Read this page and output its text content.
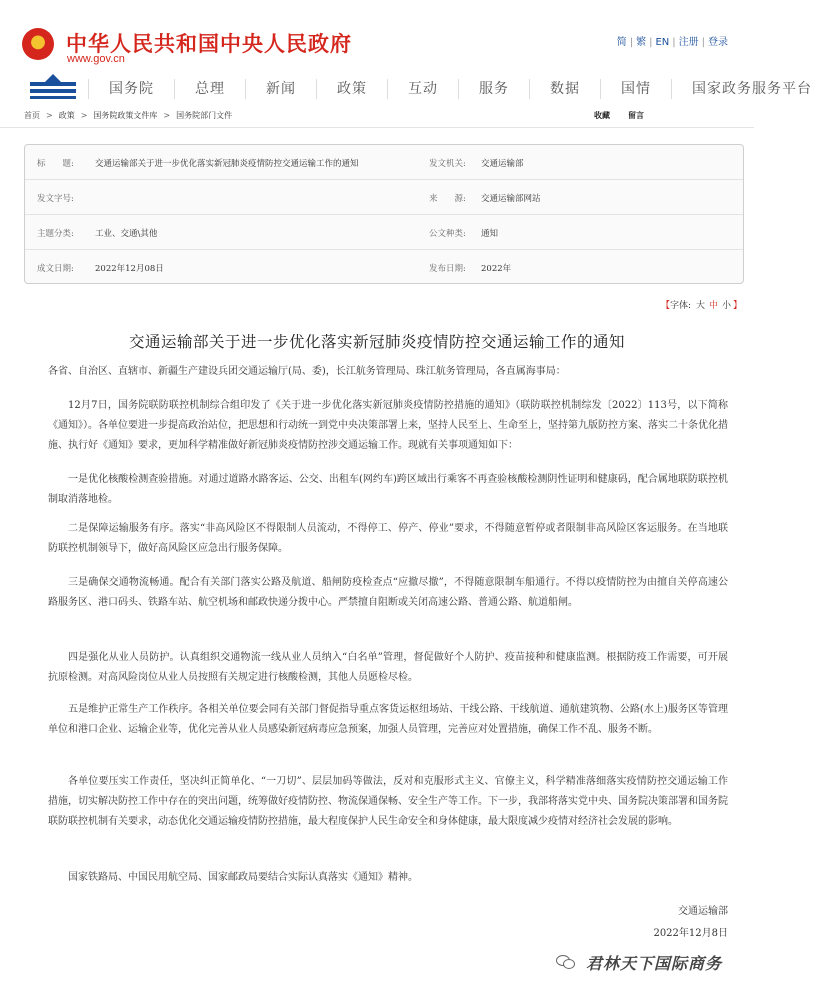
中华人民共和国中央人民政府
www.gov.cn
简 | 繁 | EN | 注册 | 登录
国务院	总理	新闻	政策	互动	服务	数据	国情	国家政务服务平台
首页 > 政策 > 国务院政策文件库 > 国务院部门文件	收藏 留言
标　　题: 交通运输部关于进一步优化落实新冠肺炎疫情防控交通运输工作的通知	发文机关: 交通运输部
发文字号:	来　　源: 交通运输部网站
主题分类: 工业、交通\其他	公文种类: 通知
成文日期: 2022年12月08日	发布日期: 2022年
【字体: 大 中 小 】
交通运输部关于进一步优化落实新冠肺炎疫情防控交通运输工作的通知
各省、自治区、直辖市、新疆生产建设兵团交通运输厅(局、委)，长江航务管理局、珠江航务管理局，各直属海事局：
12月7日，国务院联防联控机制综合组印发了《关于进一步优化落实新冠肺炎疫情防控措施的通知》（联防联控机制综发〔2022〕113号，以下简称《通知》）。各单位要进一步提高政治站位，把思想和行动统一到党中央决策部署上来，坚持人民至上、生命至上，坚持第九版防控方案、落实二十条优化措施、执行好《通知》要求，更加科学精准做好新冠肺炎疫情防控涉交通运输工作。现就有关事项通知如下：
一是优化核酸检测查验措施。对通过道路水路客运、公交、出租车(网约车)跨区域出行乘客不再查验核酸检测阴性证明和健康码，配合属地联防联控机制取消落地检。
二是保障运输服务有序。落实“非高风险区不得限制人员流动，不得停工、停产、停业”要求，不得随意暂停或者限制非高风险区客运服务。在当地联防联控机制领导下，做好高风险区应急出行服务保障。
三是确保交通物流畅通。配合有关部门落实公路及航道、船闸防疫检查点“应撤尽撤”，不得随意限制车船通行。不得以疫情防控为由擅自关停高速公路服务区、港口码头、铁路车站、航空机场和邮政快递分拨中心。严禁擅自阻断或关闭高速公路、普通公路、航道船闸。
四是强化从业人员防护。认真组织交通物流一线从业人员纳入“白名单”管理，督促做好个人防护、疫苗接种和健康监测。根据防疫工作需要，可开展抗原检测。对高风险岗位从业人员按照有关规定进行核酸检测，其他人员愿检尽检。
五是维护正常生产工作秩序。各相关单位要会同有关部门督促指导重点客货运枢纽场站、干线公路、干线航道、通航建筑物、公路(水上)服务区等管理单位和港口企业、运输企业等，优化完善从业人员感染新冠病毒应急预案，加强人员管理，完善应对处置措施，确保工作不乱、服务不断。
各单位要压实工作责任，坚决纠正简单化、“一刀切”、层层加码等做法，反对和克服形式主义、官僚主义，科学精准落细落实疫情防控交通运输工作措施，切实解决防控工作中存在的突出问题，统筹做好疫情防控、物流保通保畅、安全生产等工作。下一步，我部将落实党中央、国务院决策部署和国务院联防联控机制有关要求，动态优化交通运输疫情防控措施，最大程度保护人民生命安全和身体健康，最大限度减少疫情对经济社会发展的影响。
国家铁路局、中国民用航空局、国家邮政局要结合实际认真落实《通知》精神。
交通运输部
2022年12月8日
君林天下国际商务
